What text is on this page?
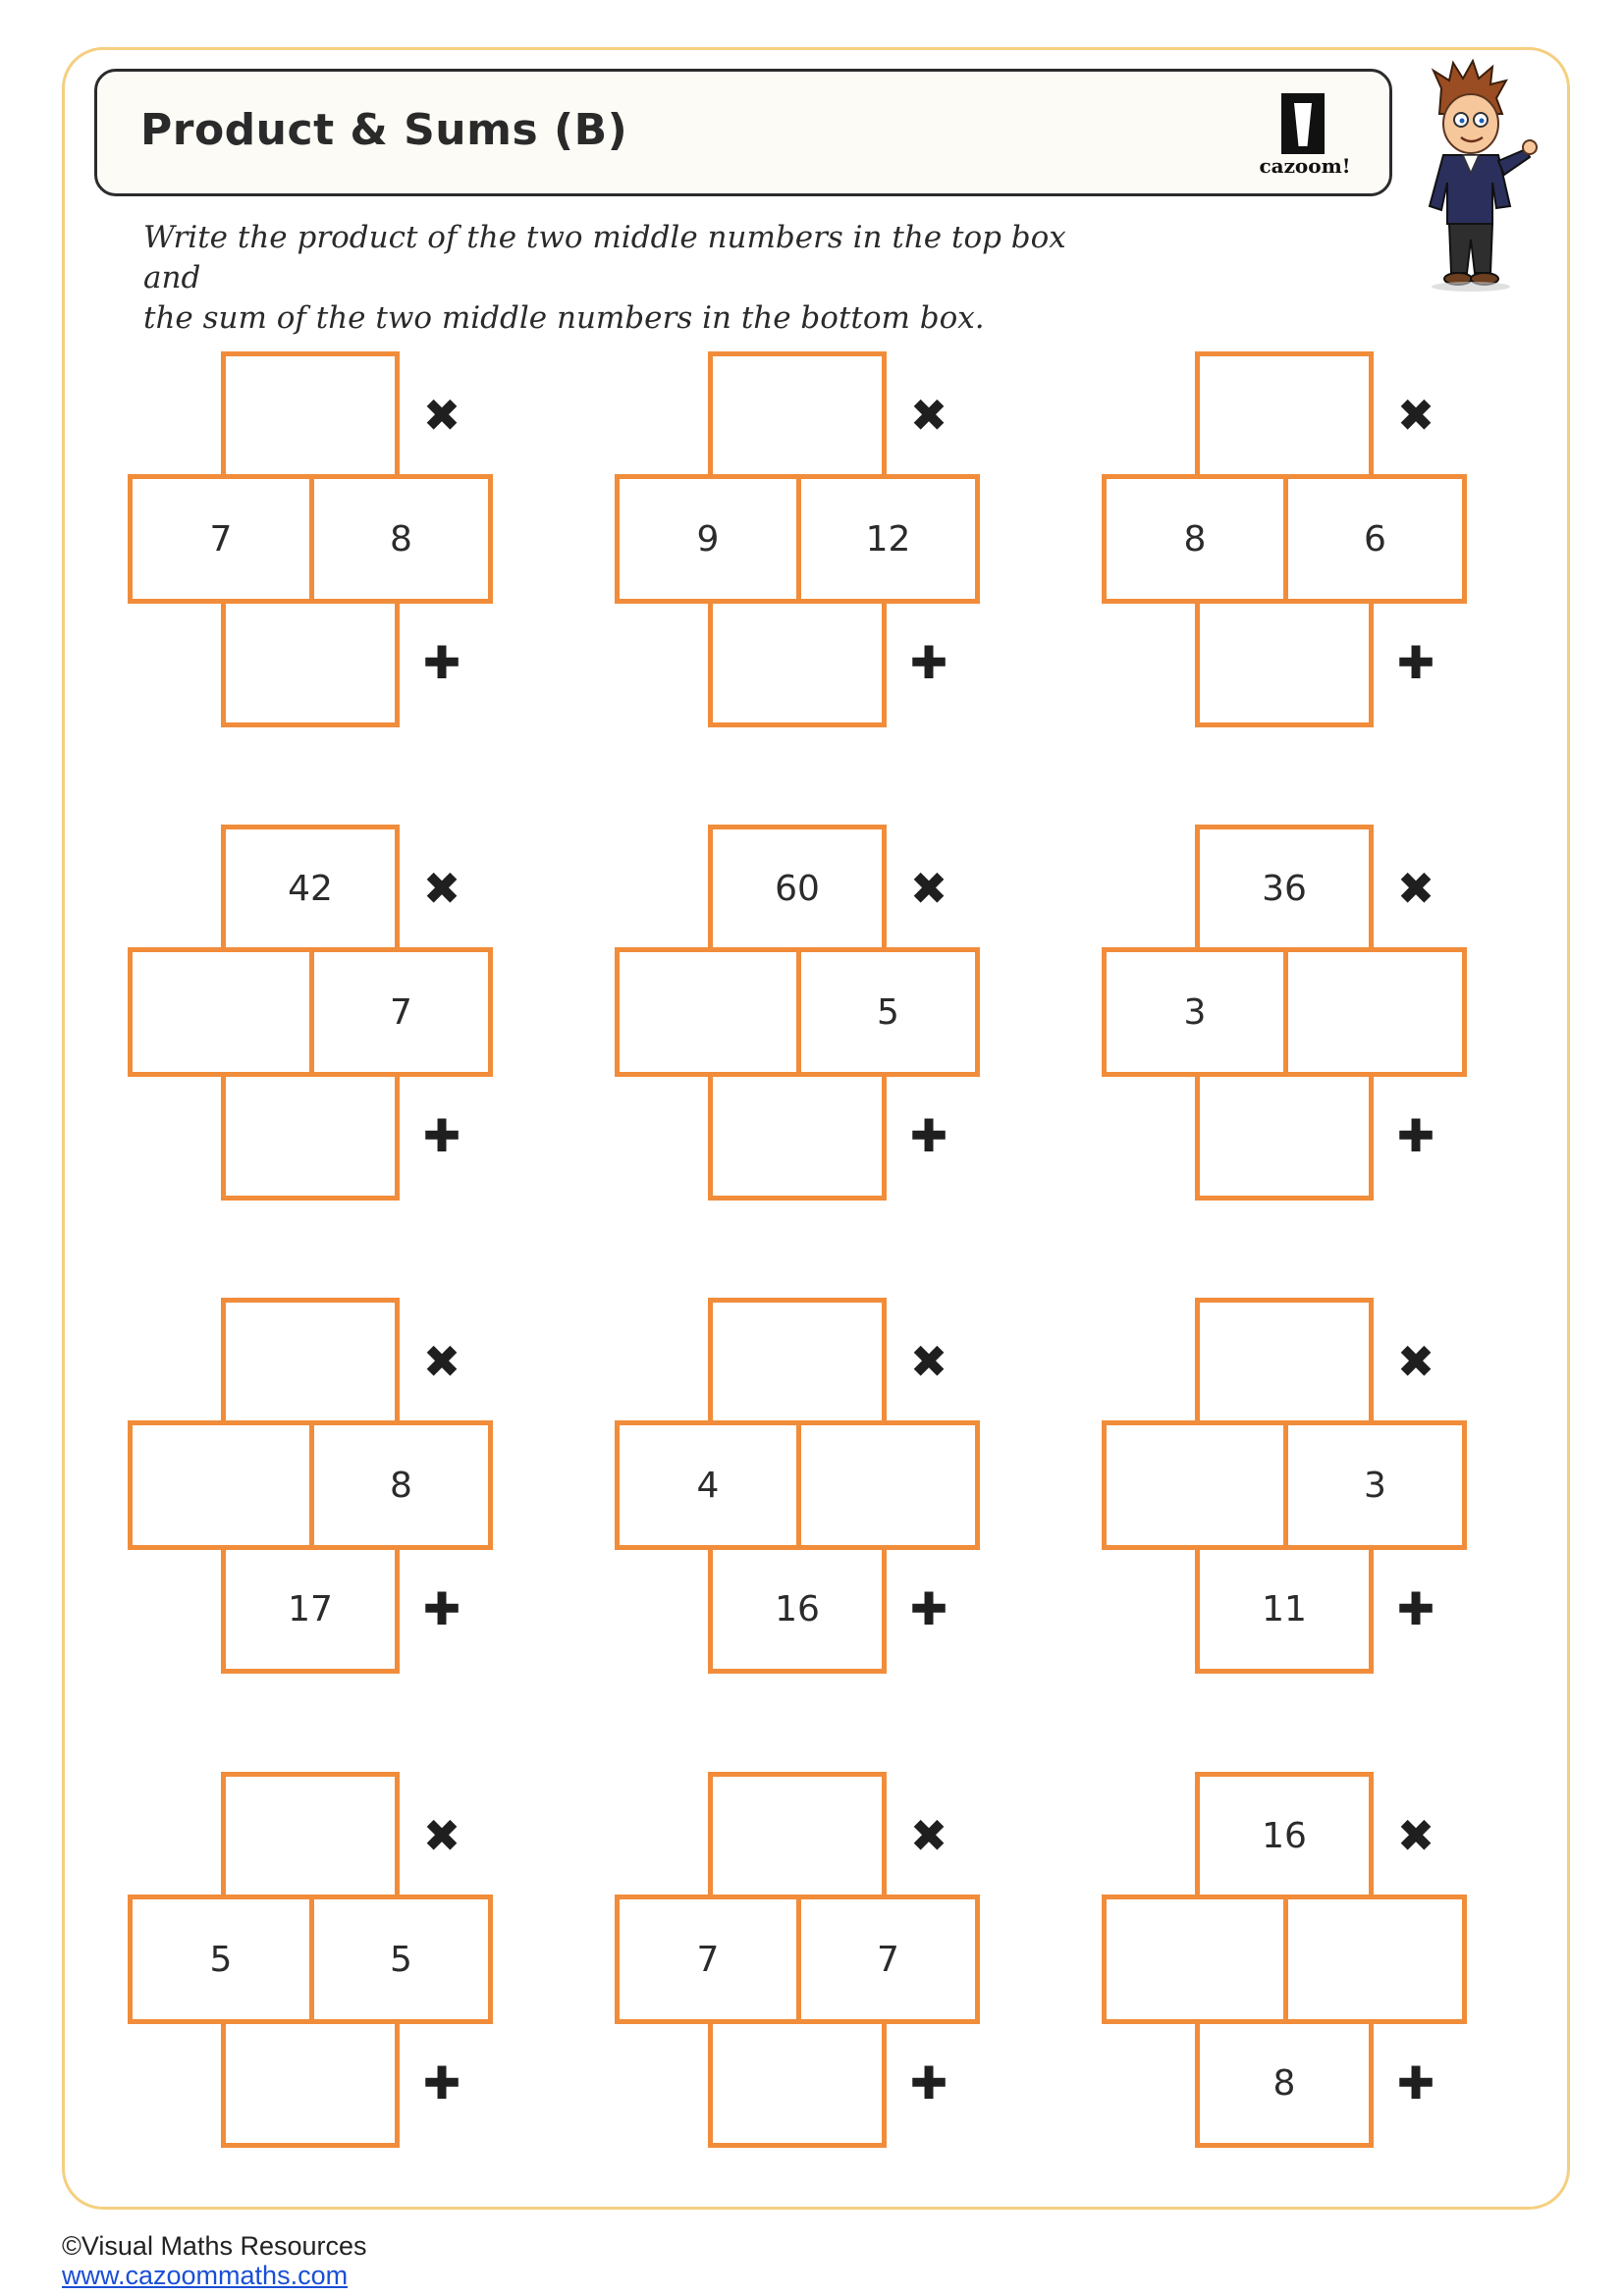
Product & Sums (B)
cazoom!

Write the product of the two middle numbers in the top box and

the sum of the two middle numbers in the bottom box.

7	8
✖
✚
9	12
✖
✚
8	6
✖
✚
42
7
✖
✚
60
5
✖
✚
36
3
✖
✚
8
17
✖
✚
4
16
✖
✚
3
11
✖
✚
5	5
✖
✚
7	7
✖
✚
16
8
✖
✚
©Visual Maths Resources
www.cazoommaths.com
